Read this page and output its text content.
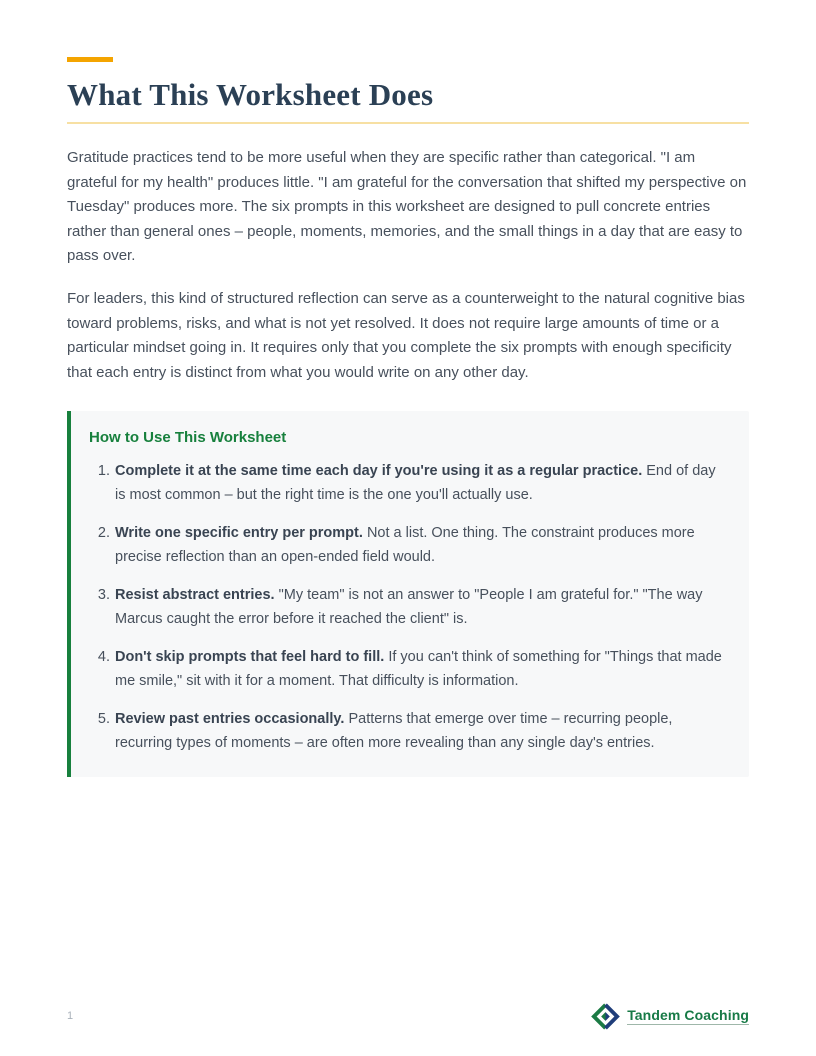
What This Worksheet Does

Gratitude practices tend to be more useful when they are specific rather than categorical. "I am grateful for my health" produces little. "I am grateful for the conversation that shifted my perspective on Tuesday" produces more. The six prompts in this worksheet are designed to pull concrete entries rather than general ones – people, moments, memories, and the small things in a day that are easy to pass over.

For leaders, this kind of structured reflection can serve as a counterweight to the natural cognitive bias toward problems, risks, and what is not yet resolved. It does not require large amounts of time or a particular mindset going in. It requires only that you complete the six prompts with enough specificity that each entry is distinct from what you would write on any other day.

How to Use This Worksheet
1. Complete it at the same time each day if you're using it as a regular practice. End of day is most common – but the right time is the one you'll actually use.
2. Write one specific entry per prompt. Not a list. One thing. The constraint produces more precise reflection than an open-ended field would.
3. Resist abstract entries. "My team" is not an answer to "People I am grateful for." "The way Marcus caught the error before it reached the client" is.
4. Don't skip prompts that feel hard to fill. If you can't think of something for "Things that made me smile," sit with it for a moment. That difficulty is information.
5. Review past entries occasionally. Patterns that emerge over time – recurring people, recurring types of moments – are often more revealing than any single day's entries.
1	Tandem Coaching
